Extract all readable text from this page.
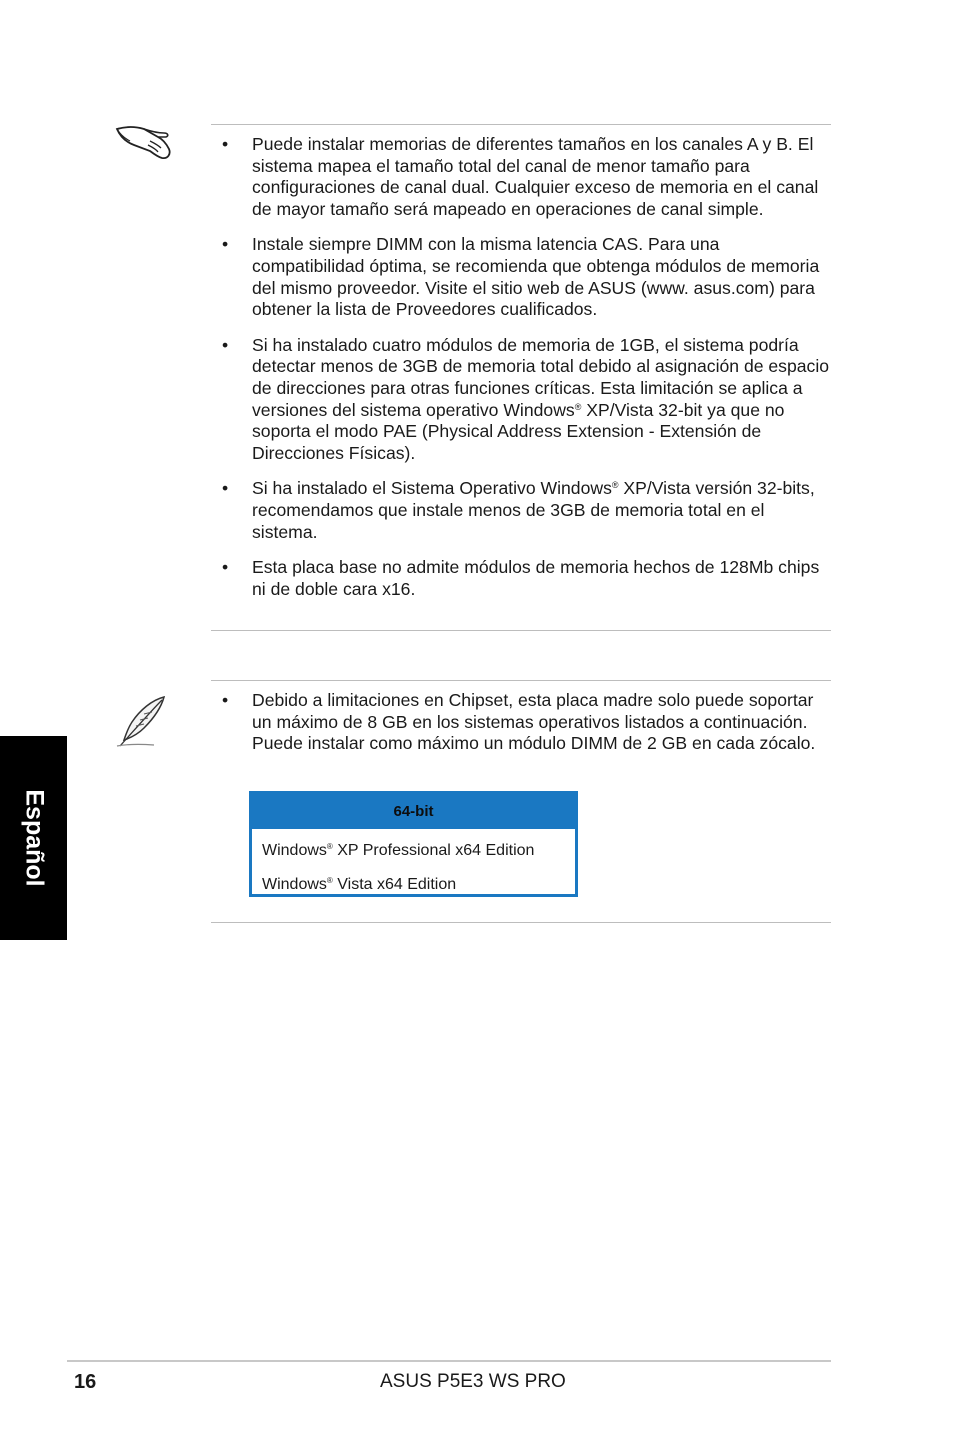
• Puede instalar memorias de diferentes tamaños en los canales A y B. El sistema mapea el tamaño total del canal de menor tamaño para configuraciones de canal dual. Cualquier exceso de memoria en el canal de mayor tamaño será mapeado en operaciones de canal simple.
• Instale siempre DIMM con la misma latencia CAS. Para una compatibilidad óptima, se recomienda que obtenga módulos de memoria del mismo proveedor. Visite el sitio web de ASUS (www. asus.com) para obtener la lista de Proveedores cualificados.
• Si ha instalado cuatro módulos de memoria de 1GB, el sistema podría detectar menos de 3GB de memoria total debido al asignación de espacio de direcciones para otras funciones críticas. Esta limitación se aplica a versiones del sistema operativo Windows® XP/Vista 32-bit ya que no soporta el modo PAE (Physical Address Extension - Extensión de Direcciones Físicas).
• Si ha instalado el Sistema Operativo Windows® XP/Vista versión 32-bits, recomendamos que instale menos de 3GB de memoria total en el sistema.
• Esta placa base no admite módulos de memoria hechos de 128Mb chips ni de doble cara x16.
• Debido a limitaciones en Chipset, esta placa madre solo puede soportar un máximo de 8 GB en los sistemas operativos listados a continuación. Puede instalar como máximo un módulo DIMM de 2 GB en cada zócalo.
64-bit
Windows® XP Professional x64 Edition
Windows® Vista x64 Edition
Español
16	ASUS P5E3 WS PRO
